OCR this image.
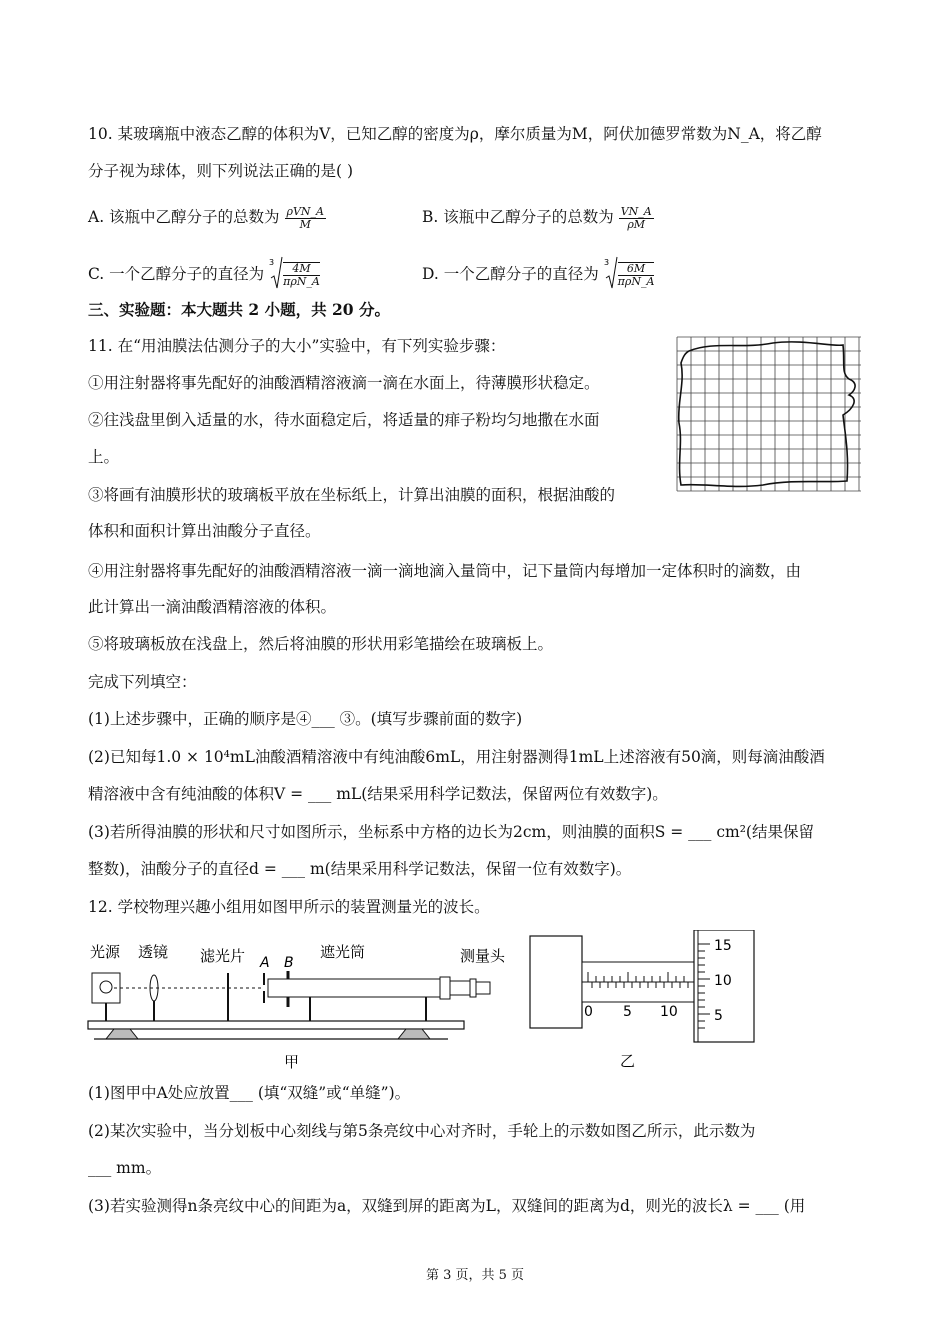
10. 某玻璃瓶中液态乙醇的体积为V，已知乙醇的密度为ρ，摩尔质量为M，阿伏加德罗常数为N_A，将乙醇
分子视为球体，则下列说法正确的是( )
A. 该瓶中乙醇分子的总数为 $\frac{\text{ρVN\_A}}{M}$	B. 该瓶中乙醇分子的总数为 $\frac{VN\_A}{\rho M}$
C. 一个乙醇分子的直径为
$3 \frac{4M}{\text{πρN\_A}}$	D. 一个乙醇分子的直径为
$3 \frac{6M}{\text{πρN\_A}}$
三、实验题：本大题共 2 小题，共 20 分。
11. 在“用油膜法估测分子的大小”实验中，有下列实验步骤：
①用注射器将事先配好的油酸酒精溶液滴一滴在水面上，待薄膜形状稳定。
②往浅盘里倒入适量的水，待水面稳定后，将适量的痱子粉均匀地撒在水面
上。
③将画有油膜形状的玻璃板平放在坐标纸上，计算出油膜的面积，根据油酸的
体积和面积计算出油酸分子直径。
④用注射器将事先配好的油酸酒精溶液一滴一滴地滴入量筒中，记下量筒内每增加一定体积时的滴数，由
此计算出一滴油酸酒精溶液的体积。
⑤将玻璃板放在浅盘上，然后将油膜的形状用彩笔描绘在玻璃板上。
完成下列填空：
(1)上述步骤中，正确的顺序是④___ ③。(填写步骤前面的数字)
(2)已知每1.0 × 10⁴mL油酸酒精溶液中有纯油酸6mL，用注射器测得1mL上述溶液有50滴，则每滴油酸酒
精溶液中含有纯油酸的体积V = ___ mL(结果采用科学记数法，保留两位有效数字)。
(3)若所得油膜的形状和尺寸如图所示，坐标系中方格的边长为2cm，则油膜的面积S = ___ cm²(结果保留
整数)，油酸分子的直径d = ___ m(结果采用科学记数法，保留一位有效数字)。
12. 学校物理兴趣小组用如图甲所示的装置测量光的波长。
光源 透镜 滤光片 A B
遮光筒	测量头
甲
0 5 10
15
10
5
乙
(1)图甲中A处应放置___ (填“双缝”或“单缝”)。
(2)某次实验中，当分划板中心刻线与第5条亮纹中心对齐时，手轮上的示数如图乙所示，此示数为
___ mm。
(3)若实验测得n条亮纹中心的间距为a，双缝到屏的距离为L，双缝间的距离为d，则光的波长λ = ___ (用
第 3 页，共 5 页
